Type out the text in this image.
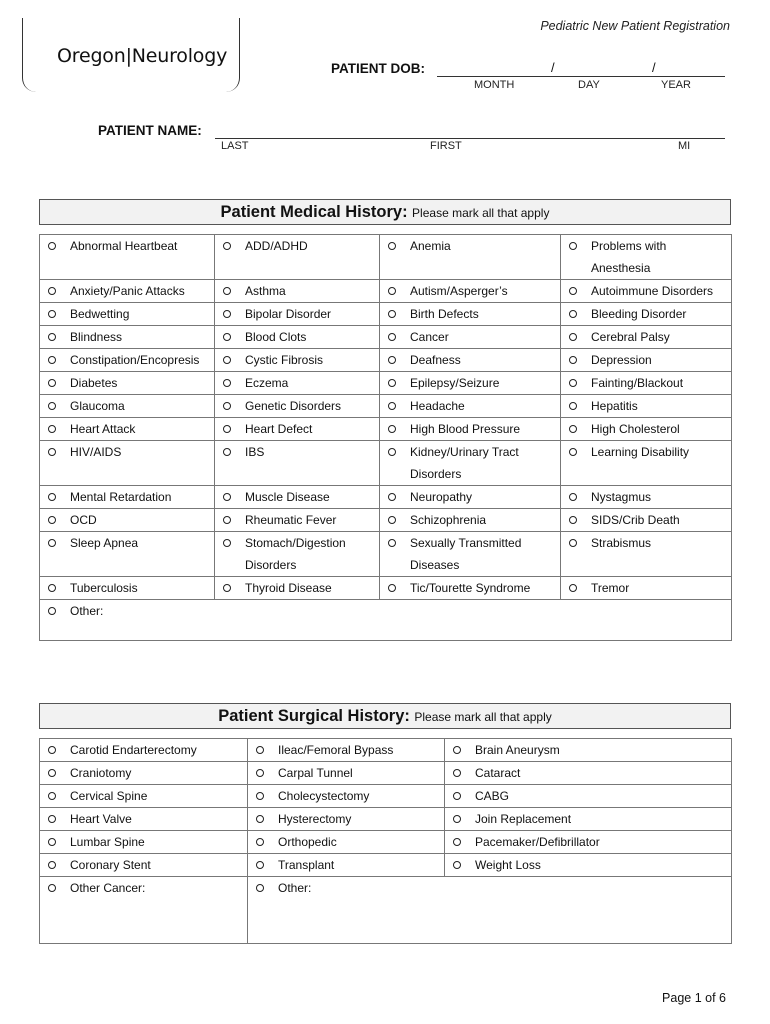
Oregon|Neurology
Pediatric New Patient Registration
PATIENT DOB:	/	/
MONTH	DAY	YEAR
PATIENT NAME:
LAST	FIRST	MI
Patient Medical History: Please mark all that apply
Abnormal Heartbeat	ADD/ADHD	Anemia	Problems with Anesthesia

Anxiety/Panic Attacks	Asthma	Autism/Asperger’s	Autoimmune Disorders

Bedwetting	Bipolar Disorder	Birth Defects	Bleeding Disorder

Blindness	Blood Clots	Cancer	Cerebral Palsy

Constipation/Encopresis	Cystic Fibrosis	Deafness	Depression

Diabetes	Eczema	Epilepsy/Seizure	Fainting/Blackout

Glaucoma	Genetic Disorders	Headache	Hepatitis

Heart Attack	Heart Defect	High Blood Pressure	High Cholesterol

HIV/AIDS	IBS	Kidney/Urinary Tract Disorders	Learning Disability

Mental Retardation	Muscle Disease	Neuropathy	Nystagmus

OCD	Rheumatic Fever	Schizophrenia	SIDS/Crib Death

Sleep Apnea	Stomach/Digestion Disorders	Sexually Transmitted Diseases	Strabismus

Tuberculosis	Thyroid Disease	Tic/Tourette Syndrome	Tremor

Other:			
Patient Surgical History: Please mark all that apply
Carotid Endarterectomy	Ileac/Femoral Bypass	Brain Aneurysm

Craniotomy	Carpal Tunnel	Cataract

Cervical Spine	Cholecystectomy	CABG

Heart Valve	Hysterectomy	Join Replacement

Lumbar Spine	Orthopedic	Pacemaker/Defibrillator

Coronary Stent	Transplant	Weight Loss

Other Cancer:	Other:	
Page 1 of 6
